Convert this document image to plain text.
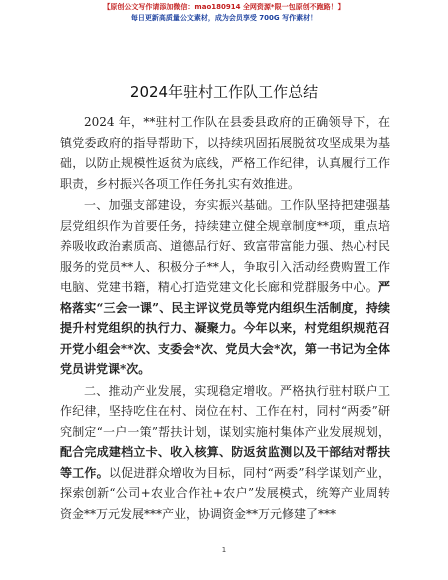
【原创公文写作请添加微信：mao180914 全网资源*限一包原创不跑路！】
每日更新高质量公文素材，成为会员享受 700G 写作素材！
2024年驻村工作队工作总结

2024 年，**驻村工作队在县委县政府的正确领导下，在镇党委政府的指导帮助下，以持续巩固拓展脱贫攻坚成果为基础，以防止规模性返贫为底线，严格工作纪律，认真履行工作职责，乡村振兴各项工作任务扎实有效推进。

一、加强支部建设，夯实振兴基础。工作队坚持把建强基层党组织作为首要任务，持续建立健全规章制度**项，重点培养吸收政治素质高、道德品行好、致富带富能力强、热心村民服务的党员**人、积极分子**人，争取引入活动经费购置工作电脑、党建书籍，精心打造党建文化长廊和党群服务中心。严格落实“三会一课”、民主评议党员等党内组织生活制度，持续提升村党组织的执行力、凝聚力。今年以来，村党组织规范召开党小组会**次、支委会*次、党员大会*次，第一书记为全体党员讲党课*次。

二、推动产业发展，实现稳定增收。严格执行驻村联户工作纪律，坚持吃住在村、岗位在村、工作在村，同村“两委”研究制定“一户一策”帮扶计划，谋划实施村集体产业发展规划，配合完成建档立卡、收入核算、防返贫监测以及干部结对帮扶等工作。以促进群众增收为目标，同村“两委”科学谋划产业，探索创新“公司+农业合作社+农户”发展模式，统筹产业周转资金**万元发展***产业，协调资金**万元修建了***

1
